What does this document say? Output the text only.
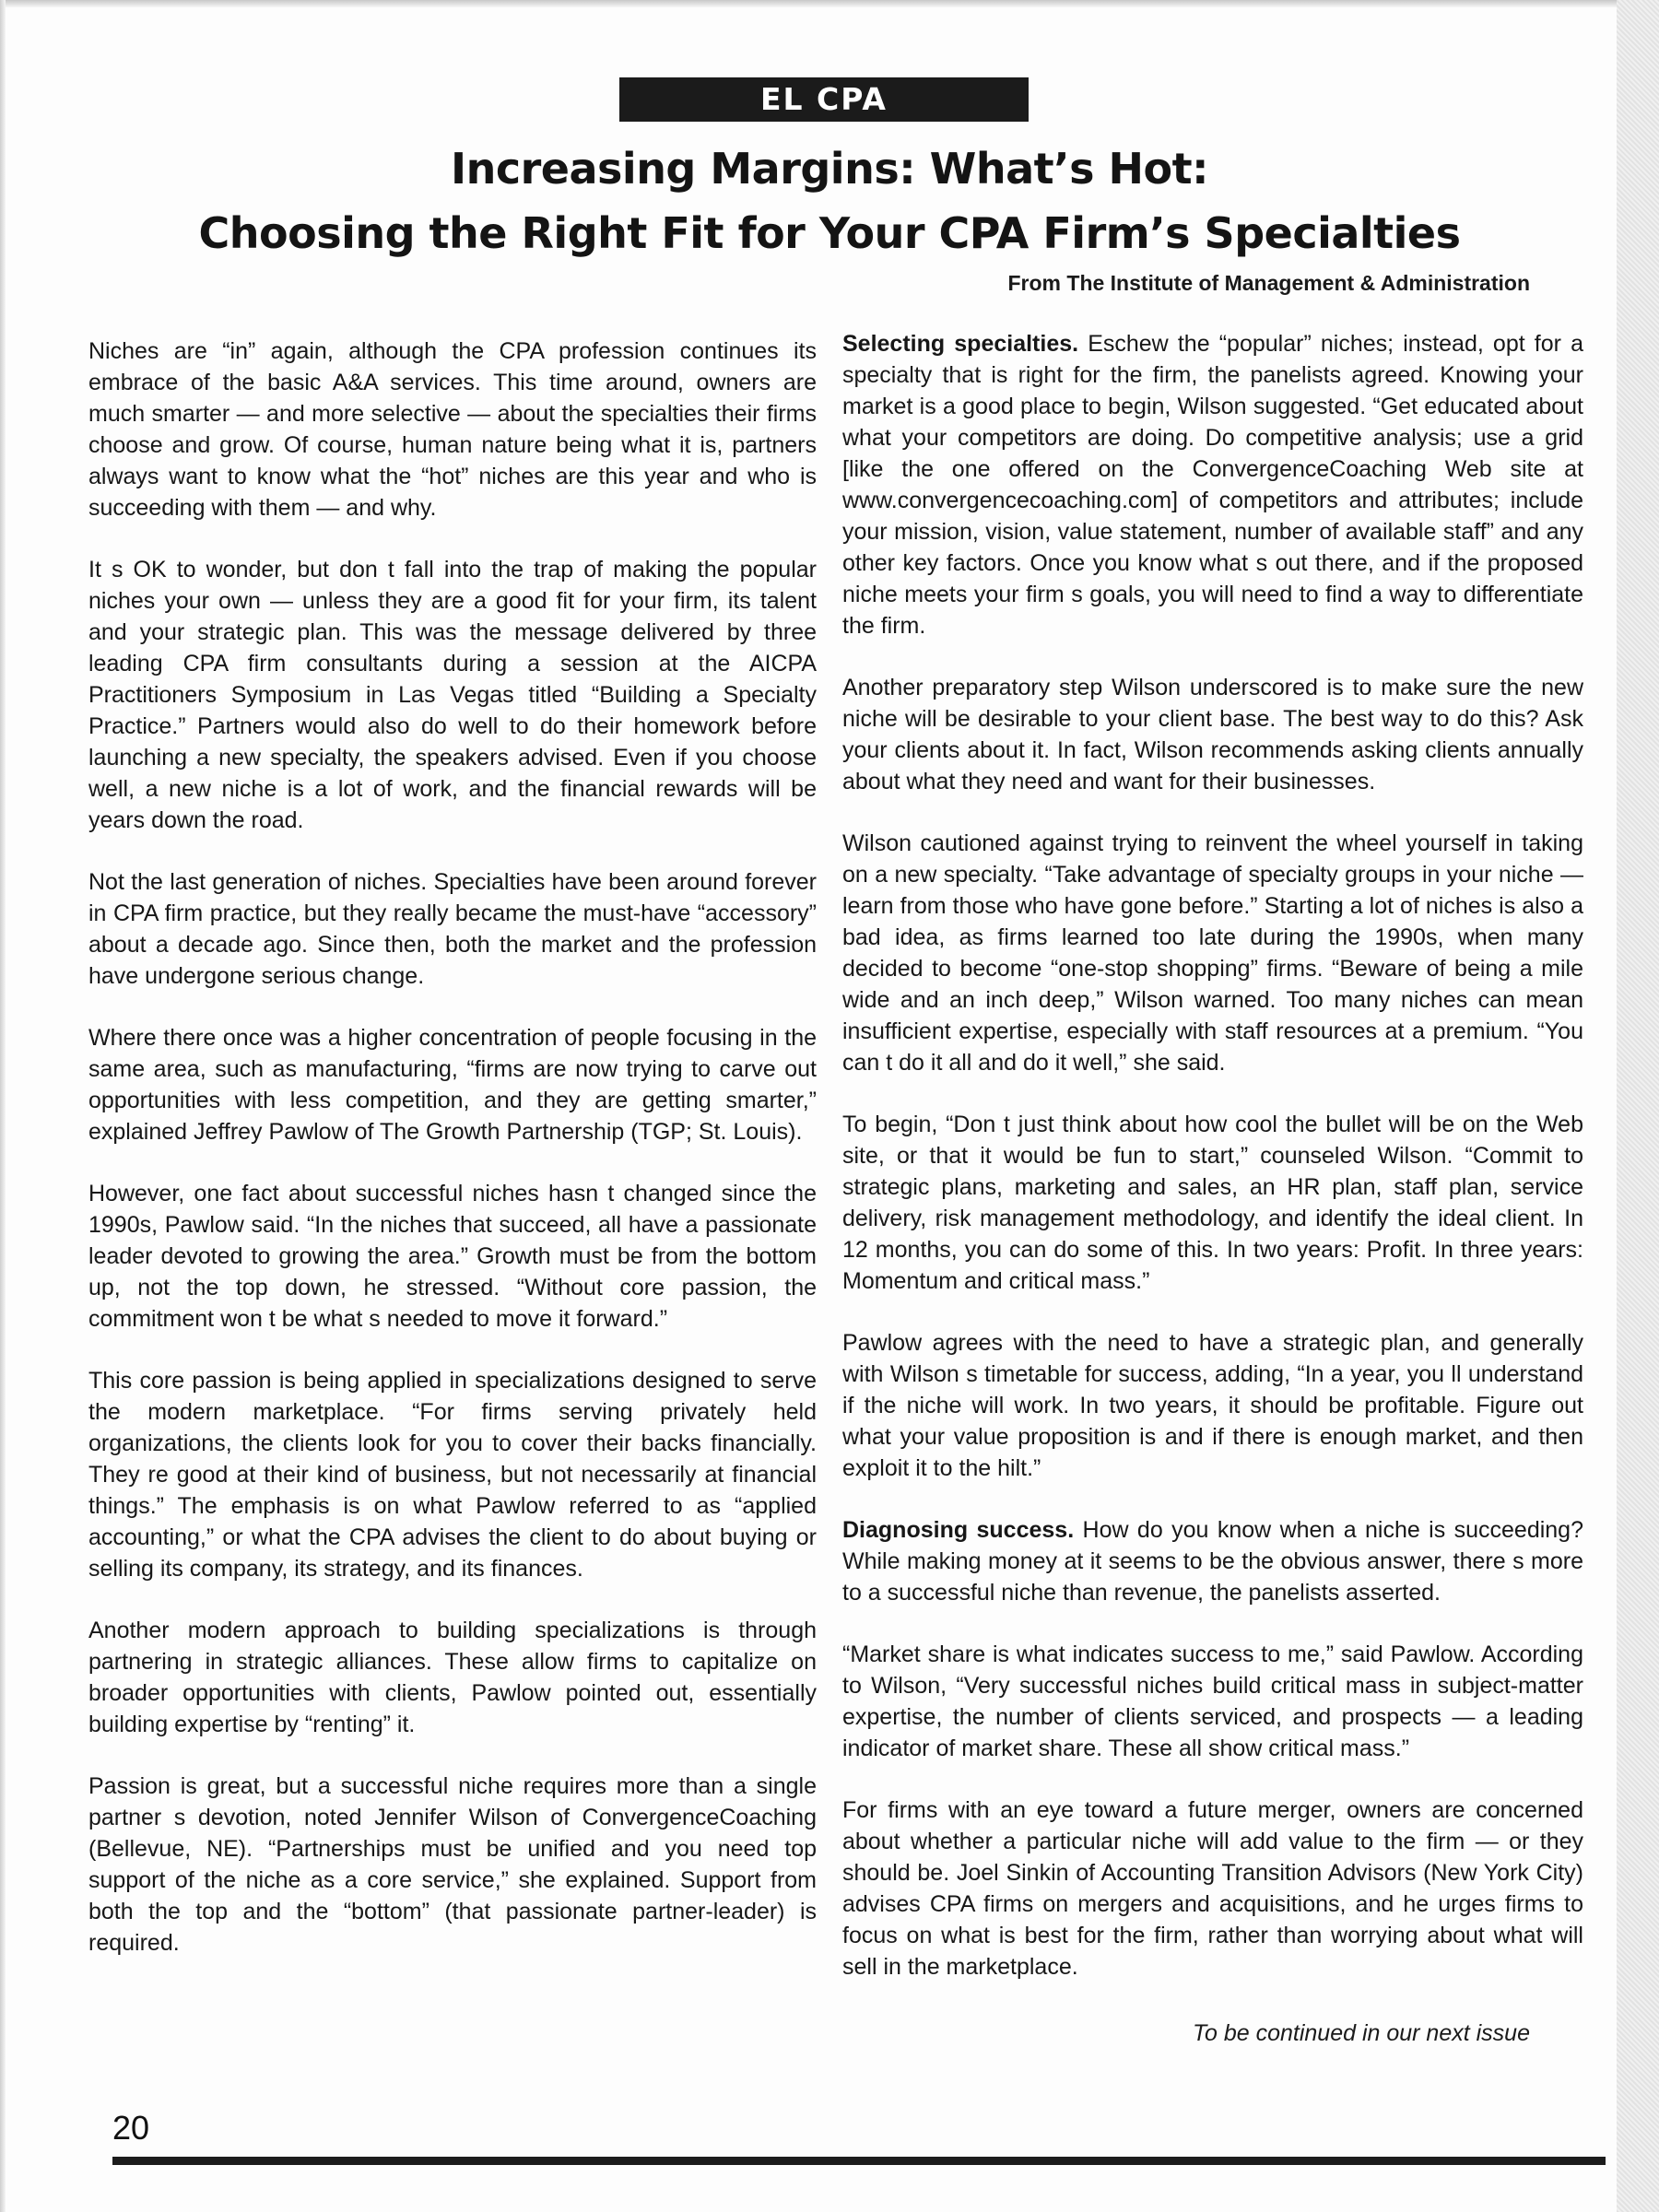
EL CPA
Increasing Margins: What’s Hot:
Choosing the Right Fit for Your CPA Firm’s Specialties
From The Institute of Management & Administration

Niches are “in” again, although the CPA profession continues its embrace of the basic A&A services. This time around, owners are much smarter — and more selective — about the specialties their firms choose and grow. Of course, human nature being what it is, partners always want to know what the “hot” niches are this year and who is succeeding with them — and why.

It s OK to wonder, but don t fall into the trap of making the popular niches your own — unless they are a good fit for your firm, its talent and your strategic plan. This was the message delivered by three leading CPA firm consultants during a session at the AICPA Practitioners Symposium in Las Vegas titled “Building a Specialty Practice.” Partners would also do well to do their homework before launching a new specialty, the speakers advised. Even if you choose well, a new niche is a lot of work, and the financial rewards will be years down the road.

Not the last generation of niches. Specialties have been around forever in CPA firm practice, but they really became the must-have “accessory” about a decade ago. Since then, both the market and the profession have undergone serious change.

Where there once was a higher concentration of people focusing in the same area, such as manufacturing, “firms are now trying to carve out opportunities with less competition, and they are getting smarter,” explained Jeffrey Pawlow of The Growth Partnership (TGP; St. Louis).

However, one fact about successful niches hasn t changed since the 1990s, Pawlow said. “In the niches that succeed, all have a passionate leader devoted to growing the area.” Growth must be from the bottom up, not the top down, he stressed. “Without core passion, the commitment won t be what s needed to move it forward.”

This core passion is being applied in specializations designed to serve the modern marketplace. “For firms serving privately held organizations, the clients look for you to cover their backs financially. They re good at their kind of business, but not necessarily at financial things.” The emphasis is on what Pawlow referred to as “applied accounting,” or what the CPA advises the client to do about buying or selling its company, its strategy, and its finances.

Another modern approach to building specializations is through partnering in strategic alliances. These allow firms to capitalize on broader opportunities with clients, Pawlow pointed out, essentially building expertise by “renting” it.

Passion is great, but a successful niche requires more than a single partner s devotion, noted Jennifer Wilson of ConvergenceCoaching (Bellevue, NE). “Partnerships must be unified and you need top support of the niche as a core service,” she explained. Support from both the top and the “bottom” (that passionate partner-leader) is required.

Selecting specialties. Eschew the “popular” niches; instead, opt for a specialty that is right for the firm, the panelists agreed. Knowing your market is a good place to begin, Wilson suggested. “Get educated about what your competitors are doing. Do competitive analysis; use a grid [like the one offered on the ConvergenceCoaching Web site at www.convergencecoaching.com] of competitors and attributes; include your mission, vision, value statement, number of available staff” and any other key factors. Once you know what s out there, and if the proposed niche meets your firm s goals, you will need to find a way to differentiate the firm.

Another preparatory step Wilson underscored is to make sure the new niche will be desirable to your client base. The best way to do this? Ask your clients about it. In fact, Wilson recommends asking clients annually about what they need and want for their businesses.

Wilson cautioned against trying to reinvent the wheel yourself in taking on a new specialty. “Take advantage of specialty groups in your niche — learn from those who have gone before.” Starting a lot of niches is also a bad idea, as firms learned too late during the 1990s, when many decided to become “one-stop shopping” firms. “Beware of being a mile wide and an inch deep,” Wilson warned. Too many niches can mean insufficient expertise, especially with staff resources at a premium. “You can t do it all and do it well,” she said.

To begin, “Don t just think about how cool the bullet will be on the Web site, or that it would be fun to start,” counseled Wilson. “Commit to strategic plans, marketing and sales, an HR plan, staff plan, service delivery, risk management methodology, and identify the ideal client. In 12 months, you can do some of this. In two years: Profit. In three years: Momentum and critical mass.”

Pawlow agrees with the need to have a strategic plan, and generally with Wilson s timetable for success, adding, “In a year, you ll understand if the niche will work. In two years, it should be profitable. Figure out what your value proposition is and if there is enough market, and then exploit it to the hilt.”

Diagnosing success. How do you know when a niche is succeeding? While making money at it seems to be the obvious answer, there s more to a successful niche than revenue, the panelists asserted.

“Market share is what indicates success to me,” said Pawlow. According to Wilson, “Very successful niches build critical mass in subject-matter expertise, the number of clients serviced, and prospects — a leading indicator of market share. These all show critical mass.”

For firms with an eye toward a future merger, owners are concerned about whether a particular niche will add value to the firm — or they should be. Joel Sinkin of Accounting Transition Advisors (New York City) advises CPA firms on mergers and acquisitions, and he urges firms to focus on what is best for the firm, rather than worrying about what will sell in the marketplace.

To be continued in our next issue
20
